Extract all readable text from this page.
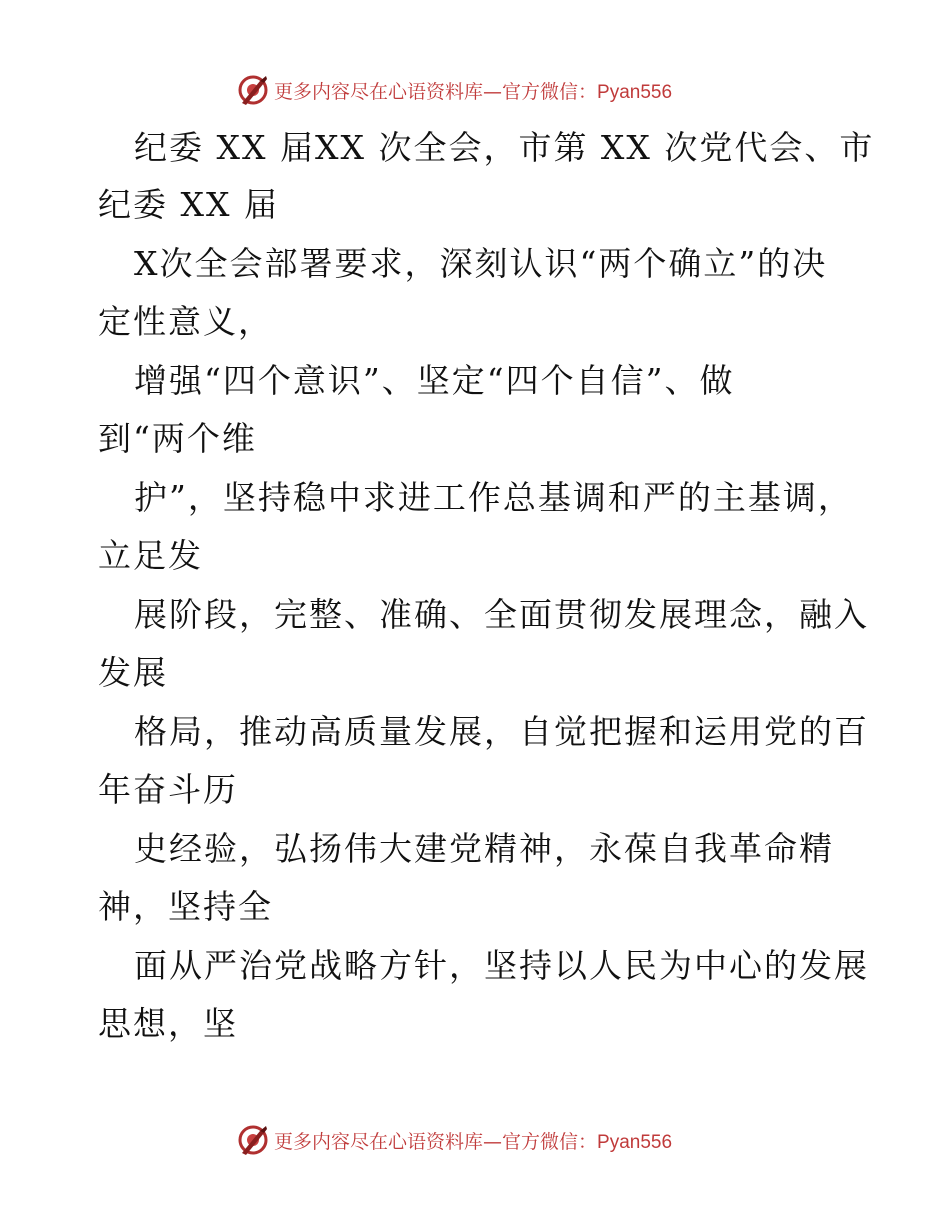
更多内容尽在心语资料库—官方微信：Pyan556
纪委 XX 届XX 次全会，市第 XX 次党代会、市
纪委 XX 届
X次全会部署要求，深刻认识“两个确立”的决
定性意义，
增强“四个意识”、坚定“四个自信”、做
到“两个维
护”，坚持稳中求进工作总基调和严的主基调，
立足发
展阶段，完整、准确、全面贯彻发展理念，融入
发展
格局，推动高质量发展，自觉把握和运用党的百
年奋斗历
史经验，弘扬伟大建党精神，永葆自我革命精
神，坚持全
面从严治党战略方针，坚持以人民为中心的发展
思想，坚
更多内容尽在心语资料库—官方微信：Pyan556
